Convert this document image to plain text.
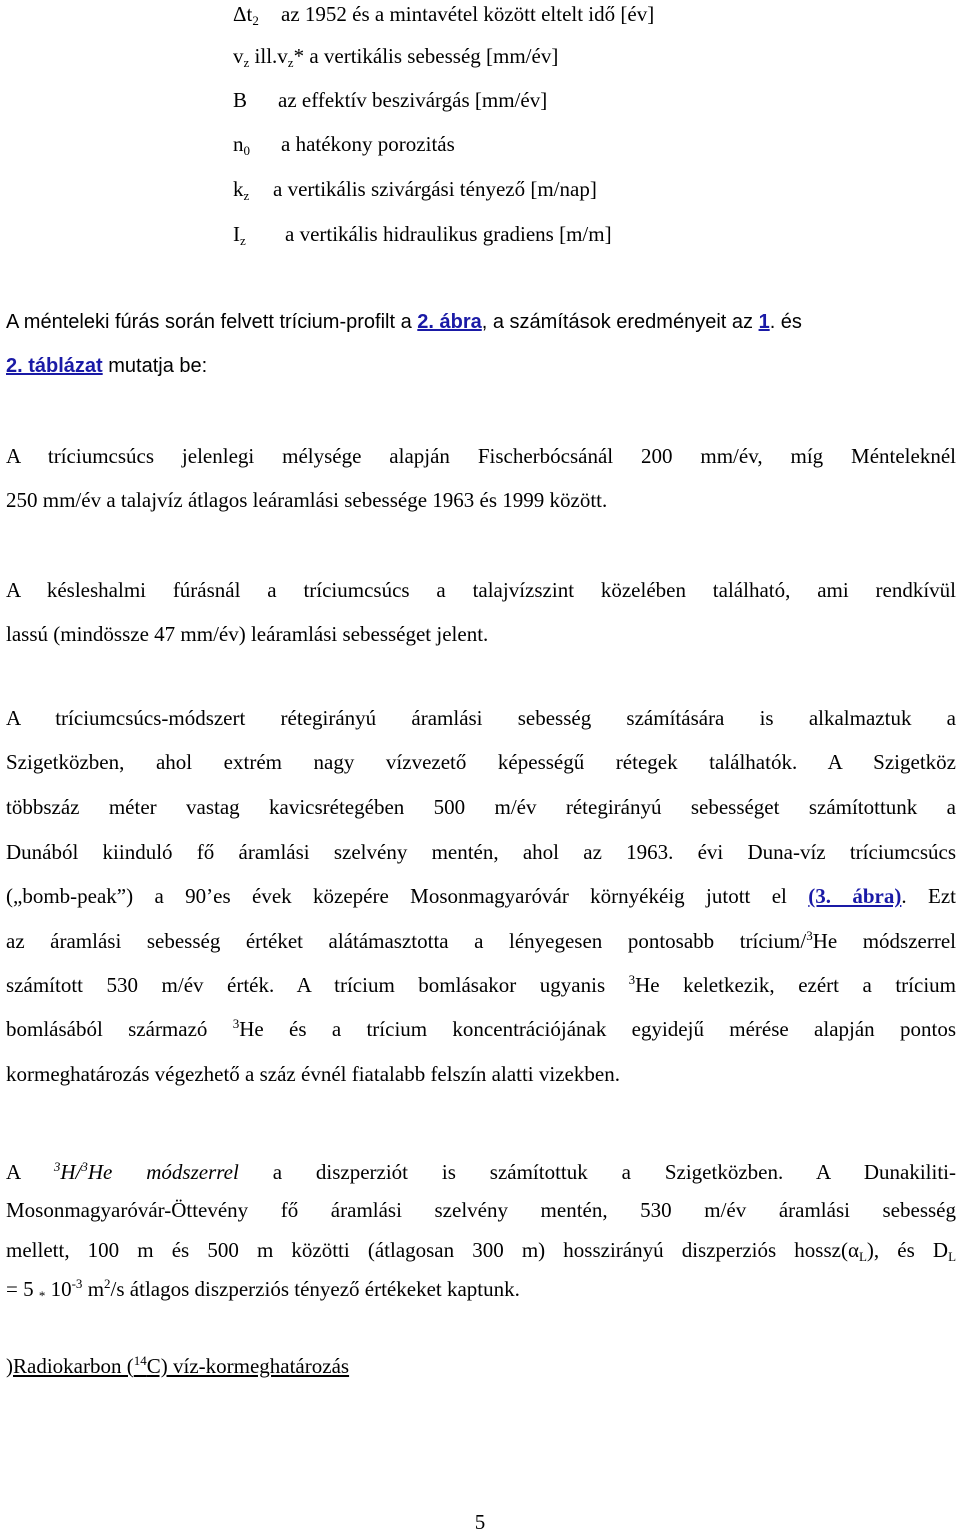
$\Delta t_2$ az 1952 és a mintavétel között eltelt idő [év]
$v_z$ $ill.v_z*$ a vertikális sebesség [mm/év]
B az effektív beszivárgás [mm/év]
$n_0$ a hatékony porozitás
$k_z$ a vertikális szivárgási tényező [m/nap]
$I_z$ a vertikális hidraulikus gradiens [m/m]
A ménteleki fúrás során felvett trícium-profilt a 2. ábra, a számítások eredményeit az 1. és
2. táblázat mutatja be:
A tríciumcsúcs jelenlegi mélysége alapján Fischerbócsánál 200 mm/év, míg Ménteleknél
250 mm/év a talajvíz átlagos leáramlási sebessége 1963 és 1999 között.
A késleshalmi fúrásnál a tríciumcsúcs a talajvízszint közelében található, ami rendkívül
lassú (mindössze 47 mm/év) leáramlási sebességet jelent.
A tríciumcsúcs-módszert rétegirányú áramlási sebesség számítására is alkalmaztuk a
Szigetközben, ahol extrém nagy vízvezető képességű rétegek találhatók. A Szigetköz
többszáz méter vastag kavicsrétegében 500 m/év rétegirányú sebességet számítottunk a
Dunából kiinduló fő áramlási szelvény mentén, ahol az 1963. évi Duna-víz tríciumcsúcs
(„bomb-peak”) a 90’es évek közepére Mosonmagyaróvár környékéig jutott el (3. ábra). Ezt
az áramlási sebesség értéket alátámasztotta a lényegesen pontosabb trícium/$^3$He módszerrel
számított 530 m/év érték. A trícium bomlásakor ugyanis $^3$He keletkezik, ezért a trícium
bomlásából származó $^3$He és a trícium koncentrációjának egyidejű mérése alapján pontos
kormeghatározás végezhető a száz évnél fiatalabb felszín alatti vizekben.
A $^3$H/$^3$He módszerrel a diszperziót is számítottuk a Szigetközben. A Dunakiliti-
Mosonmagyaróvár-Öttevény fő áramlási szelvény mentén, 530 m/év áramlási sebesség
mellett, 100 m és 500 m közötti (átlagosan 300 m) hosszirányú diszperziós $hossz(\alpha_L)$, és $D_L$
= 5 $_*$ $10^{-3}$ $m^2/s$ átlagos diszperziós tényező értékeket kaptunk.
)Radiokarbon ($^{14}$C) víz-kormeghatározás
5
